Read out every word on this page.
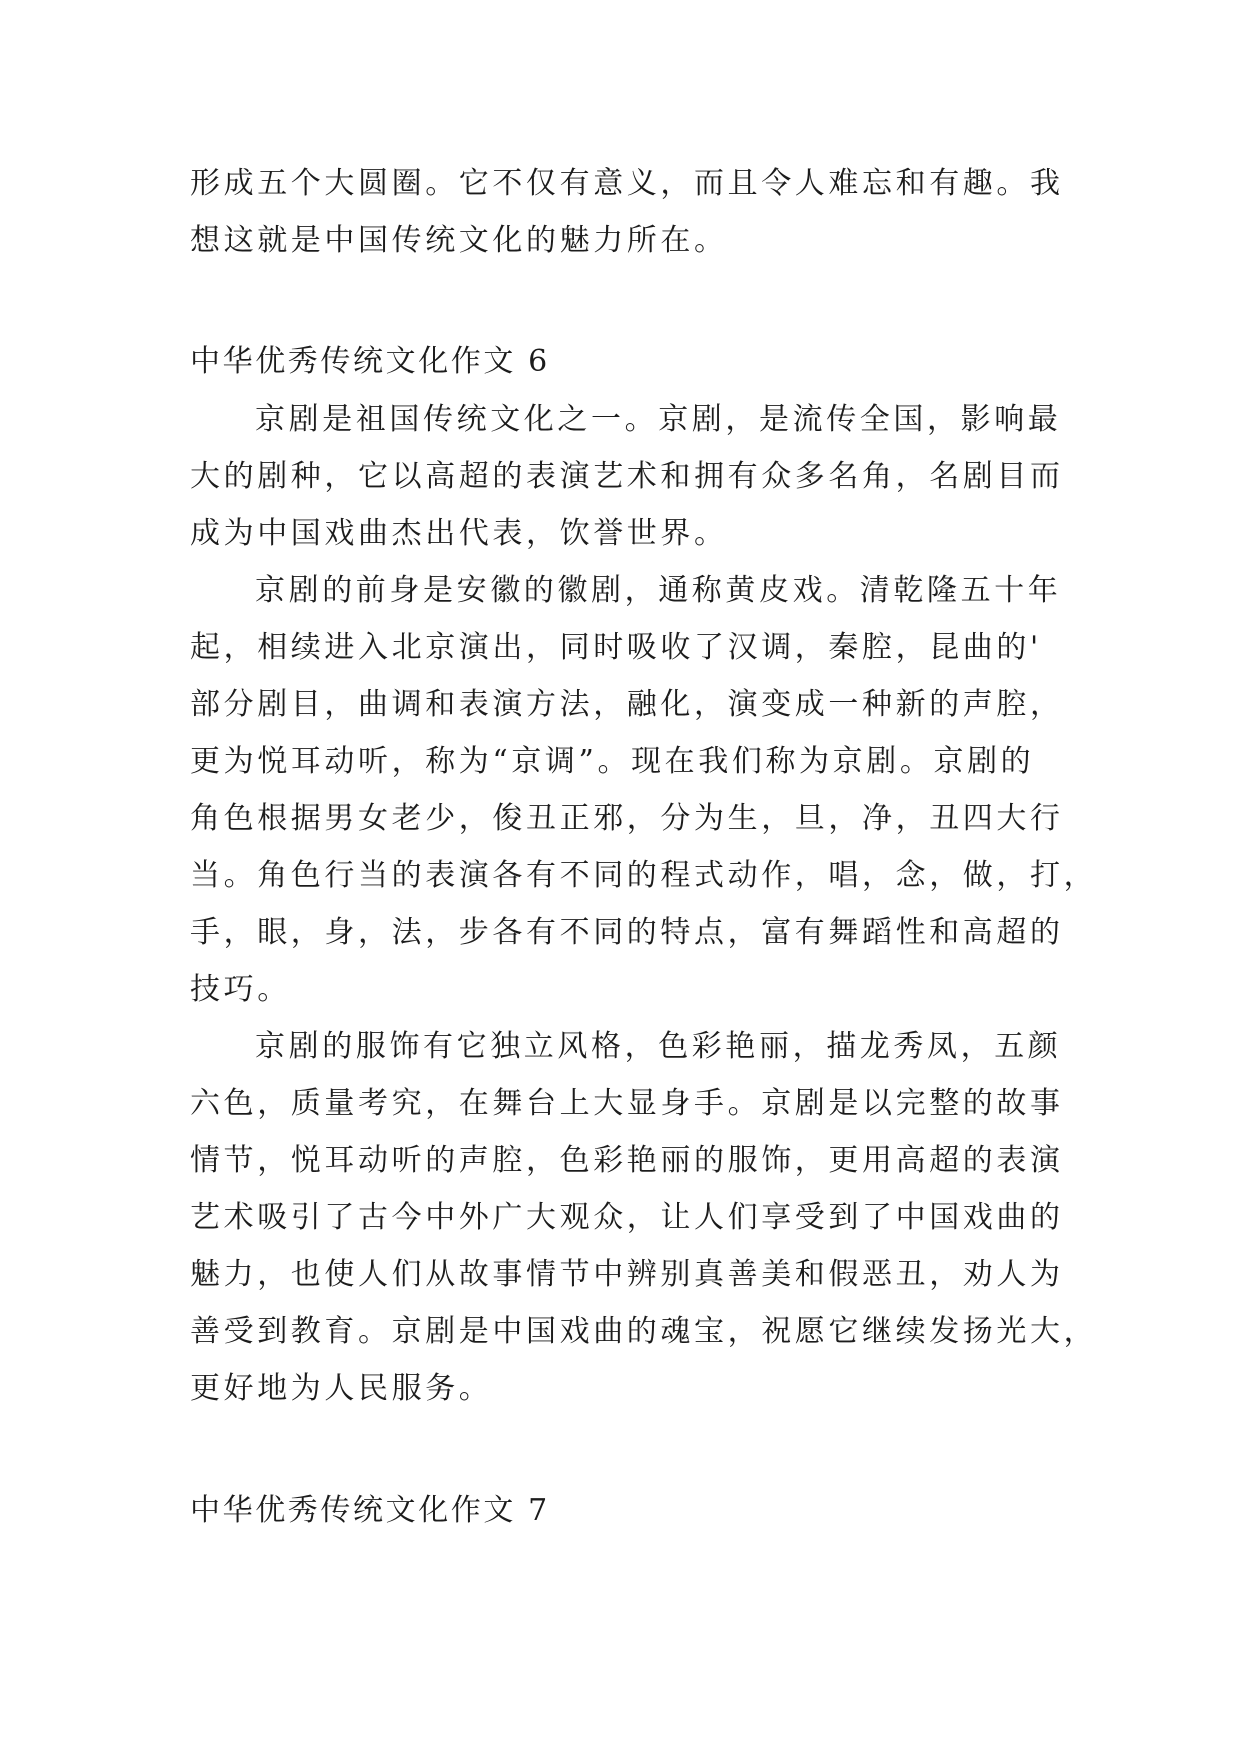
形成五个大圆圈。它不仅有意义，而且令人难忘和有趣。我
想这就是中国传统文化的魅力所在。
中华优秀传统文化作文 6
京剧是祖国传统文化之一。京剧，是流传全国，影响最
大的剧种，它以高超的表演艺术和拥有众多名角，名剧目而
成为中国戏曲杰出代表，饮誉世界。
京剧的前身是安徽的徽剧，通称黄皮戏。清乾隆五十年
起，相续进入北京演出，同时吸收了汉调，秦腔，昆曲的'
部分剧目，曲调和表演方法，融化，演变成一种新的声腔，
更为悦耳动听，称为“京调”。现在我们称为京剧。京剧的
角色根据男女老少，俊丑正邪，分为生，旦，净，丑四大行
当。角色行当的表演各有不同的程式动作，唱，念，做，打，
手，眼，身，法，步各有不同的特点，富有舞蹈性和高超的
技巧。
京剧的服饰有它独立风格，色彩艳丽，描龙秀凤，五颜
六色，质量考究，在舞台上大显身手。京剧是以完整的故事
情节，悦耳动听的声腔，色彩艳丽的服饰，更用高超的表演
艺术吸引了古今中外广大观众，让人们享受到了中国戏曲的
魅力，也使人们从故事情节中辨别真善美和假恶丑，劝人为
善受到教育。京剧是中国戏曲的魂宝，祝愿它继续发扬光大，
更好地为人民服务。
中华优秀传统文化作文 7
